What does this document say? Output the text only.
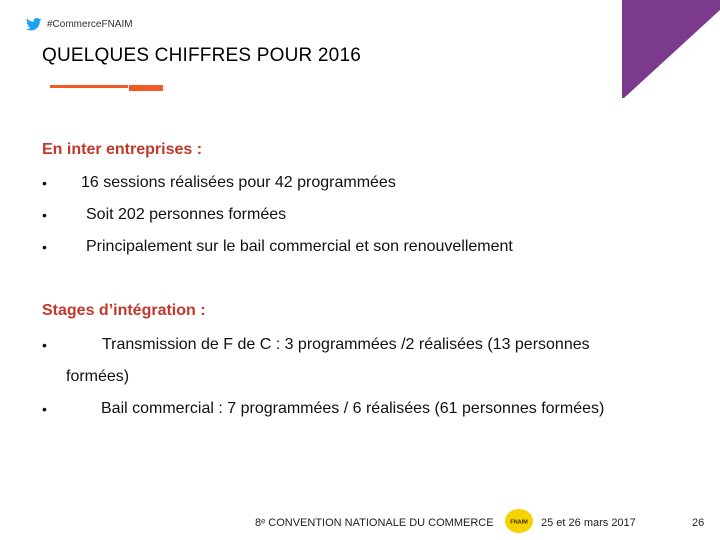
#CommerceFNAIM
QUELQUES CHIFFRES POUR 2016
En inter entreprises :
• 16 sessions réalisées pour 42 programmées
• Soit 202 personnes formées
• Principalement sur le bail commercial et son renouvellement
Stages d’intégration :
•	Transmission de F de C : 3 programmées /2 réalisées (13 personnes
formées)
•	Bail commercial : 7 programmées / 6 réalisées (61 personnes formées)
8ᵉ CONVENTION NATIONALE DU COMMERCE	FNAIM 25 et 26 mars 2017	26
